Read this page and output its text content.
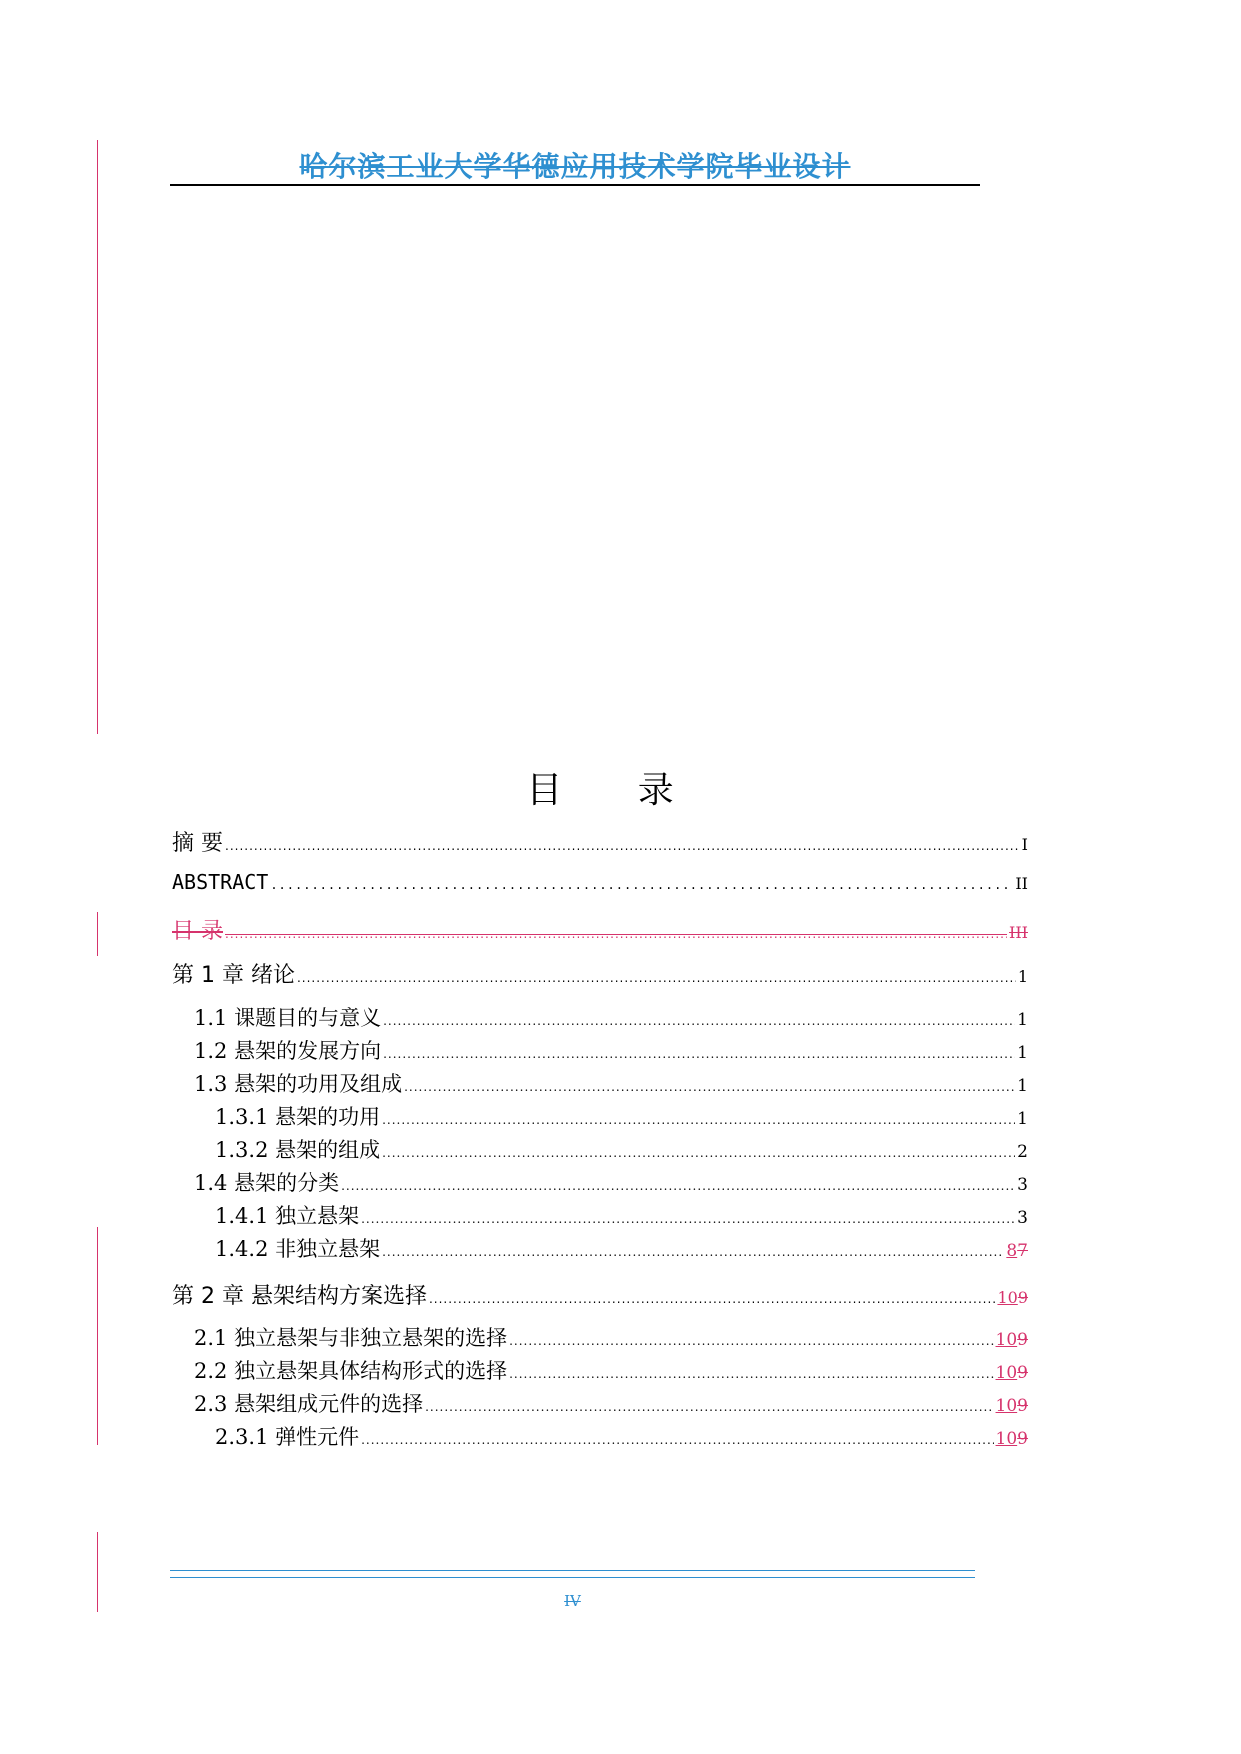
哈尔滨工业大学华德应用技术学院毕业设计
目 录
摘 要 .....	I
ABSTRACT .....	II
目 录 .....	III
第 1 章 绪论 .....	1
1.1 课题目的与意义 .....	1
1.2 悬架的发展方向 .....	1
1.3 悬架的功用及组成 .....	1
1.3.1 悬架的功用 .....	1
1.3.2 悬架的组成 .....	2
1.4 悬架的分类 .....	3
1.4.1 独立悬架 .....	3
1.4.2 非独立悬架 .....	87
第 2 章 悬架结构方案选择 .....	109
2.1 独立悬架与非独立悬架的选择 .....	109
2.2 独立悬架具体结构形式的选择 .....	109
2.3 悬架组成元件的选择 .....	109
2.3.1 弹性元件 .....	109
IV
